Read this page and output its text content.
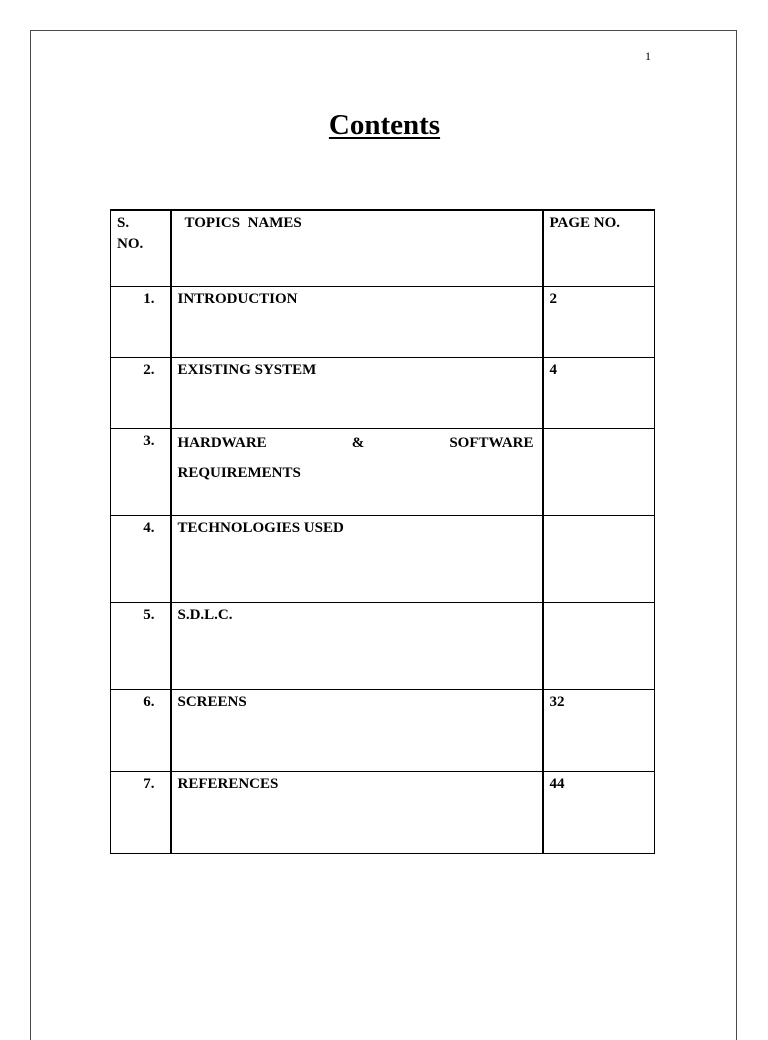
1
Contents
S. NO.	TOPICS  NAMES	PAGE NO.

1.	INTRODUCTION	2

2.	EXISTING SYSTEM	4

3.	HARDWARE & SOFTWARE
REQUIREMENTS	

4.	TECHNOLOGIES USED	

5.	S.D.L.C.	

6.	SCREENS	32

7.	REFERENCES	44
